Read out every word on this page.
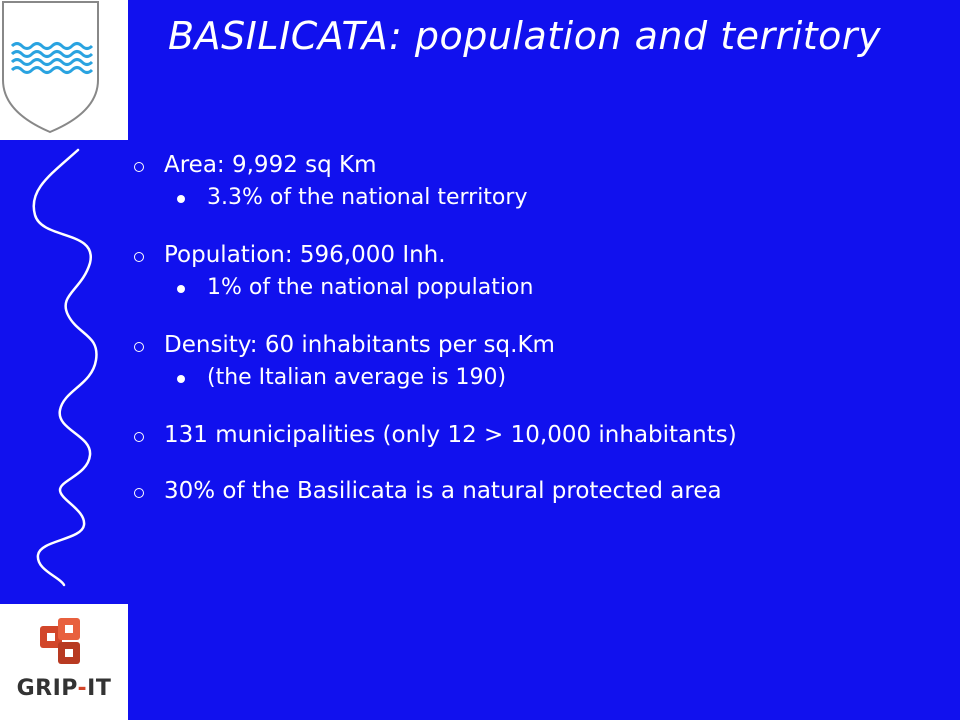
BASILICATA: population and territory
Area: 9,992 sq Km
3.3% of the national territory
Population: 596,000 Inh.
1% of the national population
Density: 60 inhabitants per sq.Km
(the Italian average is 190)
131 municipalities (only 12 > 10,000 inhabitants)
30% of the Basilicata is a natural protected area
GRIP-IT
